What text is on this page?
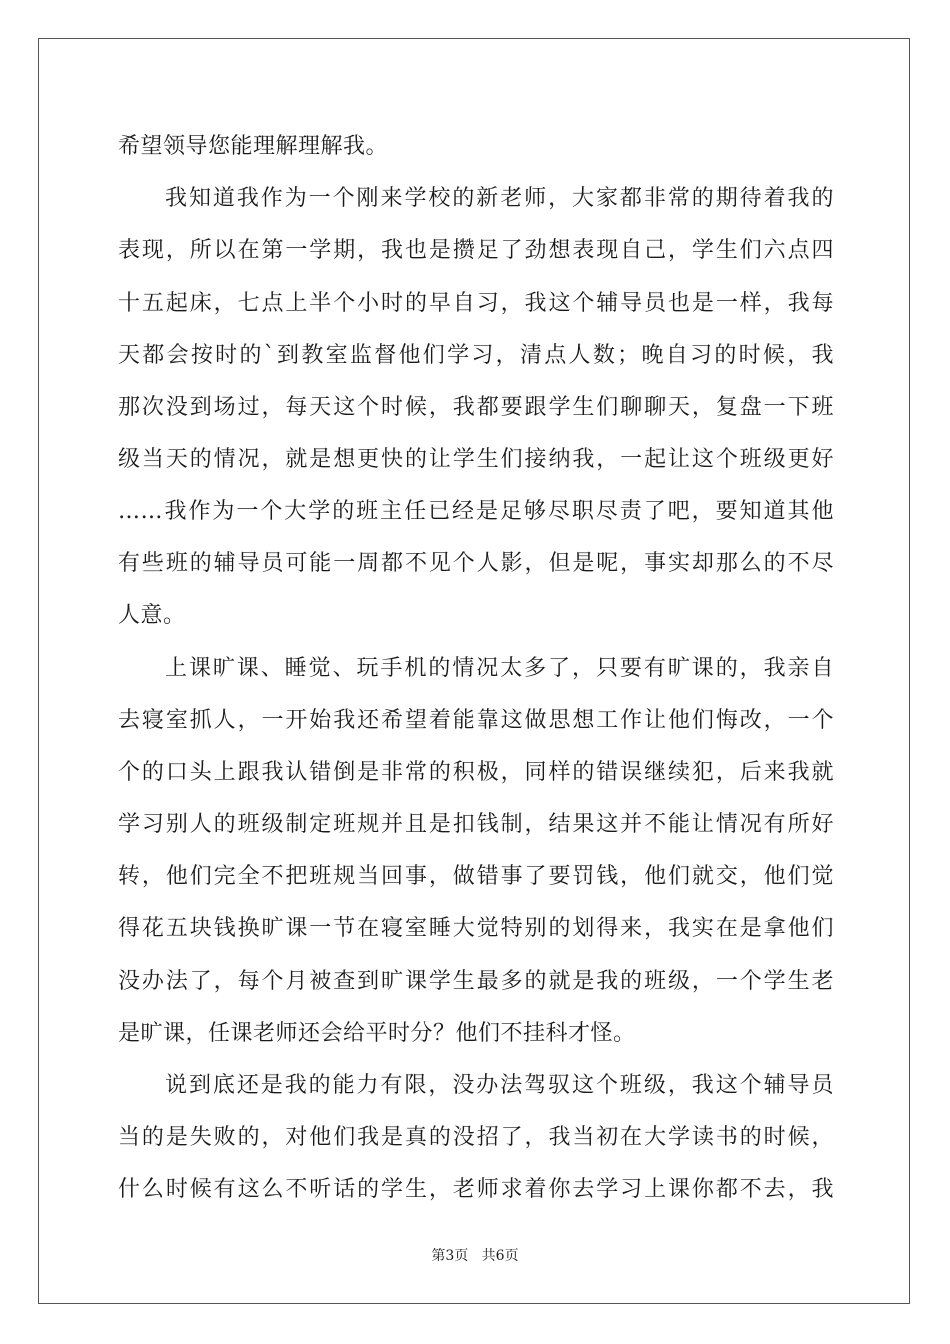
希望领导您能理解理解我。
我知道我作为一个刚来学校的新老师，大家都非常的期待着我的
表现，所以在第一学期，我也是攒足了劲想表现自己，学生们六点四
十五起床，七点上半个小时的早自习，我这个辅导员也是一样，我每
天都会按时的`到教室监督他们学习，清点人数；晚自习的时候，我
那次没到场过，每天这个时候，我都要跟学生们聊聊天，复盘一下班
级当天的情况，就是想更快的让学生们接纳我，一起让这个班级更好
……我作为一个大学的班主任已经是足够尽职尽责了吧，要知道其他
有些班的辅导员可能一周都不见个人影，但是呢，事实却那么的不尽
人意。
上课旷课、睡觉、玩手机的情况太多了，只要有旷课的，我亲自
去寝室抓人，一开始我还希望着能靠这做思想工作让他们悔改，一个
个的口头上跟我认错倒是非常的积极，同样的错误继续犯，后来我就
学习别人的班级制定班规并且是扣钱制，结果这并不能让情况有所好
转，他们完全不把班规当回事，做错事了要罚钱，他们就交，他们觉
得花五块钱换旷课一节在寝室睡大觉特别的划得来，我实在是拿他们
没办法了，每个月被查到旷课学生最多的就是我的班级，一个学生老
是旷课，任课老师还会给平时分？他们不挂科才怪。
说到底还是我的能力有限，没办法驾驭这个班级，我这个辅导员
当的是失败的，对他们我是真的没招了，我当初在大学读书的时候，
什么时候有这么不听话的学生，老师求着你去学习上课你都不去，我
第3页   共6页
